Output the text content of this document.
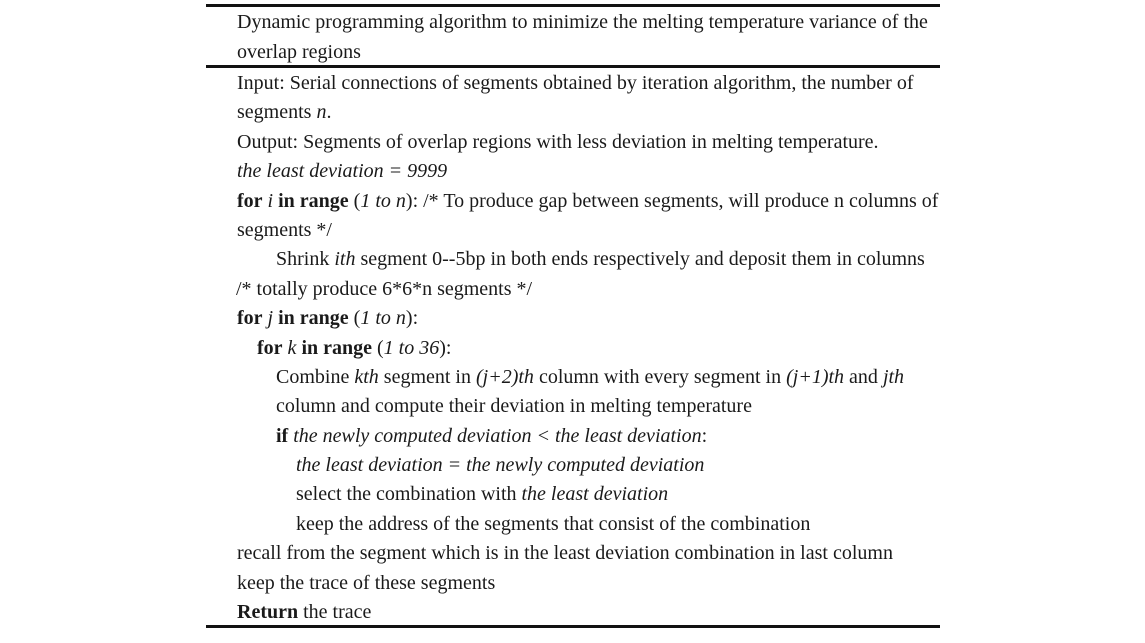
Dynamic programming algorithm to minimize the melting temperature variance of the
overlap regions
Input: Serial connections of segments obtained by iteration algorithm, the number of
segments n.
Output: Segments of overlap regions with less deviation in melting temperature.
the least deviation = 9999
for i in range (1 to n): /* To produce gap between segments, will produce n columns of
segments */
Shrink ith segment 0--5bp in both ends respectively and deposit them in columns
/* totally produce 6*6*n segments */
for j in range (1 to n):
for k in range (1 to 36):
Combine kth segment in (j+2)th column with every segment in (j+1)th and jth
column and compute their deviation in melting temperature
if the newly computed deviation < the least deviation:
the least deviation = the newly computed deviation
select the combination with the least deviation
keep the address of the segments that consist of the combination
recall from the segment which is in the least deviation combination in last column
keep the trace of these segments
Return the trace
